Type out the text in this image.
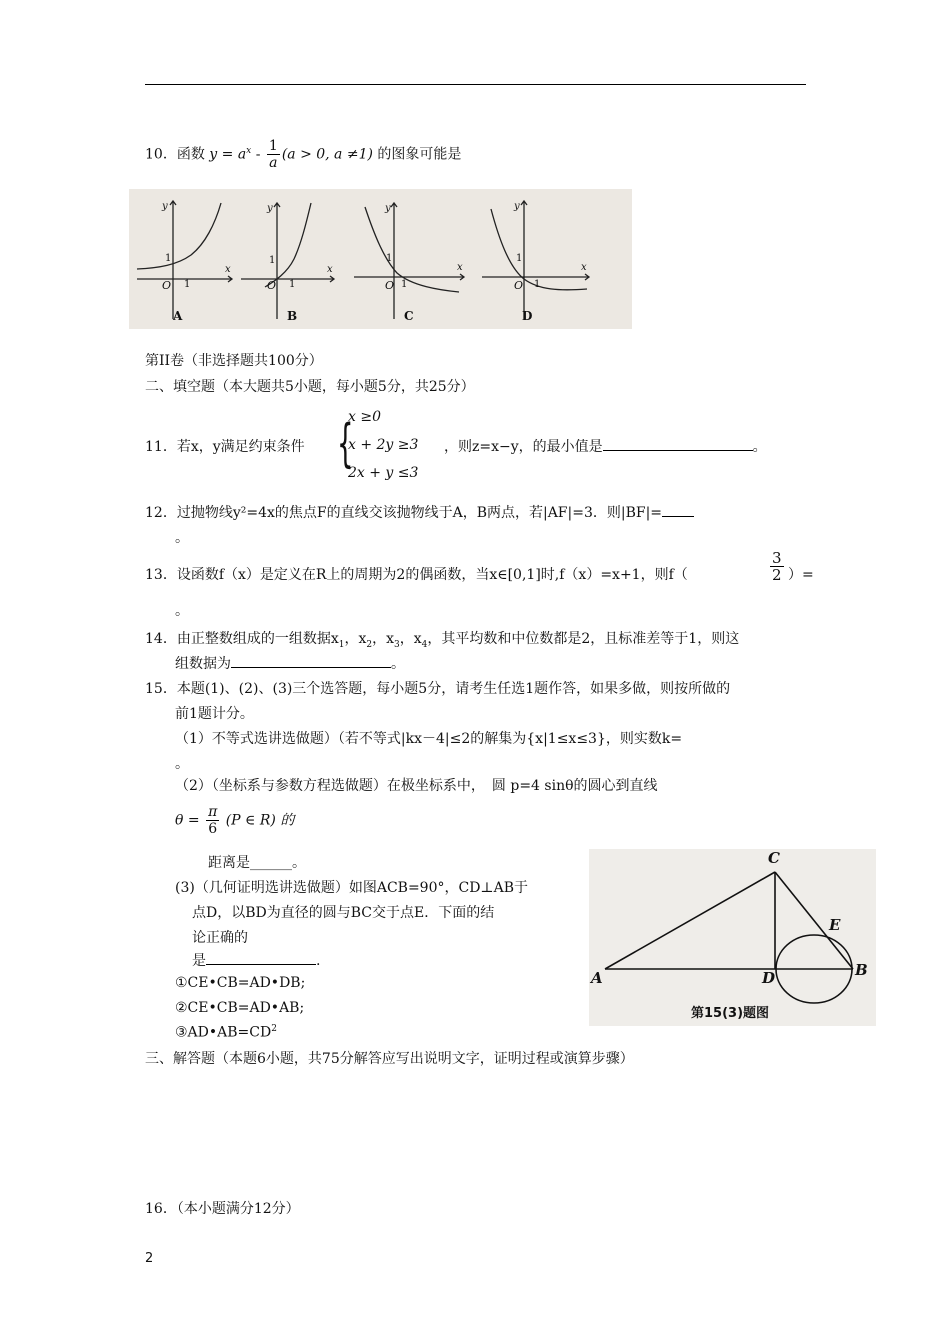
10．函数 $y = a^x - \frac{1}{a} (a > 0$, a ≠1) 的图象可能是
y
x
1
O 1
A
y
x
1
O 1
B
y
x
1
O 1
C
y
x
1
O 1
D
第II卷（非选择题共100分）
二、填空题（本大题共5小题，每小题5分，共25分）
{
x ≥0
x + 2y ≥3
2x + y ≤3
11．若x，y满足约束条件	，则z=x−y，的最小值是	。
12．过抛物线y²=4x的焦点F的直线交该抛物线于A，B两点，若|AF|=3．则|BF|=
。
13．设函数f（x）是定义在R上的周期为2的偶函数，当x∈[0,1]时,f（x）=x+1，则f（	$\frac{3}{2}$ ）=
。
14．由正整数组成的一组数据$x_1$，$x_2$，$x_3$，$x_4$，其平均数和中位数都是2，且标准差等于1，则这
组数据为	。
15．本题(1)、(2)、(3)三个选答题，每小题5分，请考生任选1题作答，如果多做，则按所做的
前1题计分。
（1）不等式选讲选做题）（若不等式|kx－4|≤2的解集为{x|1≤x≤3}，则实数k=
。
（2）（坐标系与参数方程选做题）在极坐标系中，　圆 p=4 sinθ的圆心到直线
$\theta = \frac{\pi}{6} (P$ ∈ R) 的
距离是______。
(3)（几何证明选讲选做题）如图ACB=90°，CD⊥AB于
点D，以BD为直径的圆与BC交于点E．下面的结
论正确的
是	.
①CE•CB=AD•DB;
②CE•CB=AD•AB;
$③AD•AB=CD^2$
A	B
C
D
E
第15(3)题图
三、解答题（本题6小题，共75分解答应写出说明文字，证明过程或演算步骤）
16．（本小题满分12分）
2
